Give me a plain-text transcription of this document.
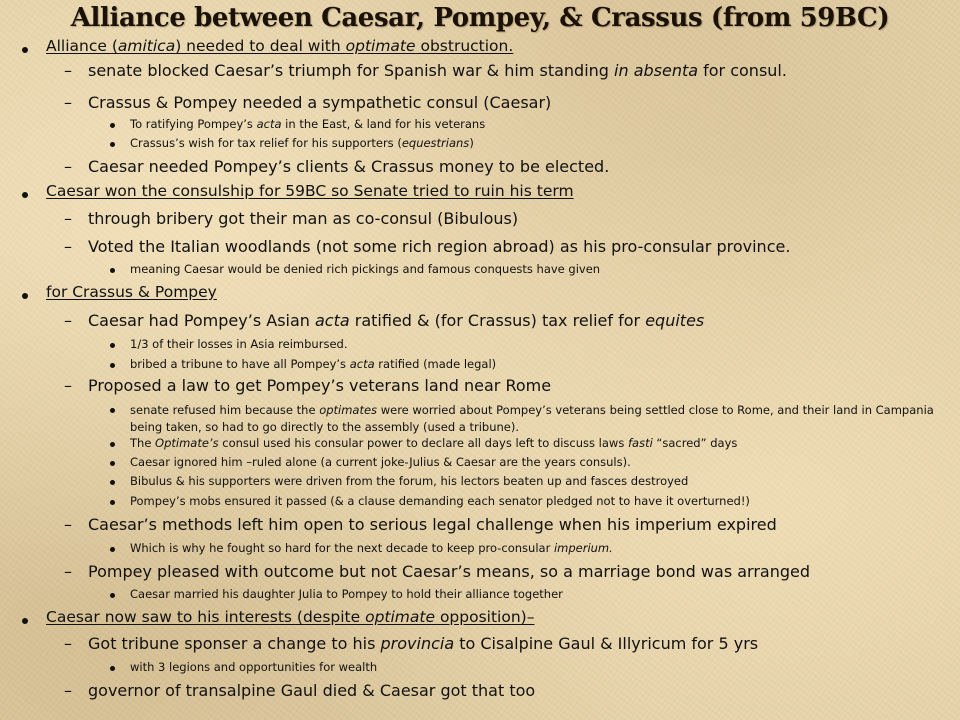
Alliance between Caesar, Pompey, & Crassus (from 59BC)
Alliance (amitica) needed to deal with optimate obstruction.
– senate blocked Caesar’s triumph for Spanish war & him standing in absenta for consul.
– Crassus & Pompey needed a sympathetic consul (Caesar)
To ratifying Pompey’s acta in the East, & land for his veterans
Crassus’s wish for tax relief for his supporters (equestrians)
– Caesar needed Pompey’s clients & Crassus money to be elected.
Caesar won the consulship for 59BC so Senate tried to ruin his term
– through bribery got their man as co-consul (Bibulous)
– Voted the Italian woodlands (not some rich region abroad) as his pro-consular province.
meaning Caesar would be denied rich pickings and famous conquests have given
for Crassus & Pompey
– Caesar had Pompey’s Asian acta ratified & (for Crassus) tax relief for equites
1/3 of their losses in Asia reimbursed.
bribed a tribune to have all Pompey’s acta ratified (made legal)
– Proposed a law to get Pompey’s veterans land near Rome
senate refused him because the optimates were worried about Pompey’s veterans being settled close to Rome, and their land in Campania being taken, so had to go directly to the assembly (used a tribune).
The Optimate’s consul used his consular power to declare all days left to discuss laws fasti “sacred” days
Caesar ignored him –ruled alone (a current joke-Julius & Caesar are the years consuls).
Bibulus & his supporters were driven from the forum, his lectors beaten up and fasces destroyed
Pompey’s mobs ensured it passed (& a clause demanding each senator pledged not to have it overturned!)
– Caesar’s methods left him open to serious legal challenge when his imperium expired
Which is why he fought so hard for the next decade to keep pro-consular imperium.
– Pompey pleased with outcome but not Caesar’s means, so a marriage bond was arranged
Caesar married his daughter Julia to Pompey to hold their alliance together
Caesar now saw to his interests (despite optimate opposition)–
– Got tribune sponser a change to his provincia to Cisalpine Gaul & Illyricum for 5 yrs
with 3 legions and opportunities for wealth
– governor of transalpine Gaul died & Caesar got that too
